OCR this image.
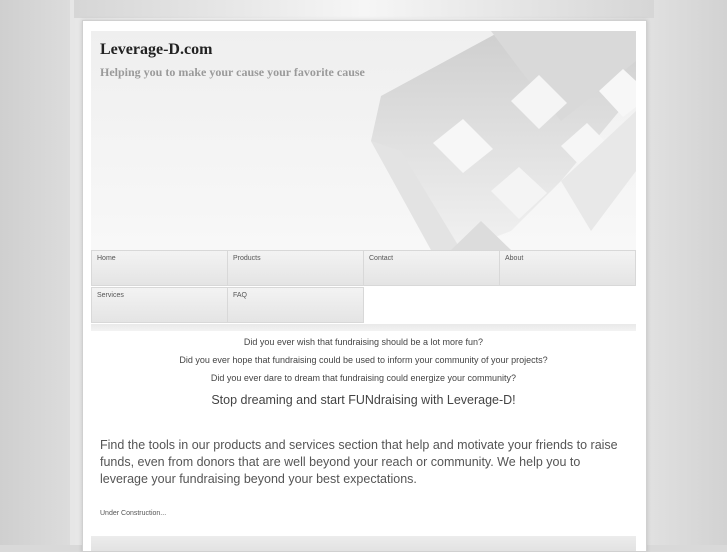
Leverage-D.com
Helping you to make your cause your favorite cause
Home	Products	Contact	About
Services	FAQ
Did you ever wish that fundraising should be a lot more fun?
Did you ever hope that fundraising could be used to inform your community of your projects?
Did you ever dare to dream that fundraising could energize your community?
Stop dreaming and start FUNdraising with Leverage-D!
Find the tools in our products and services section that help and motivate your friends to raise funds, even from donors that are well beyond your reach or community. We help you to leverage your fundraising beyond your best expectations.
Under Construction...
